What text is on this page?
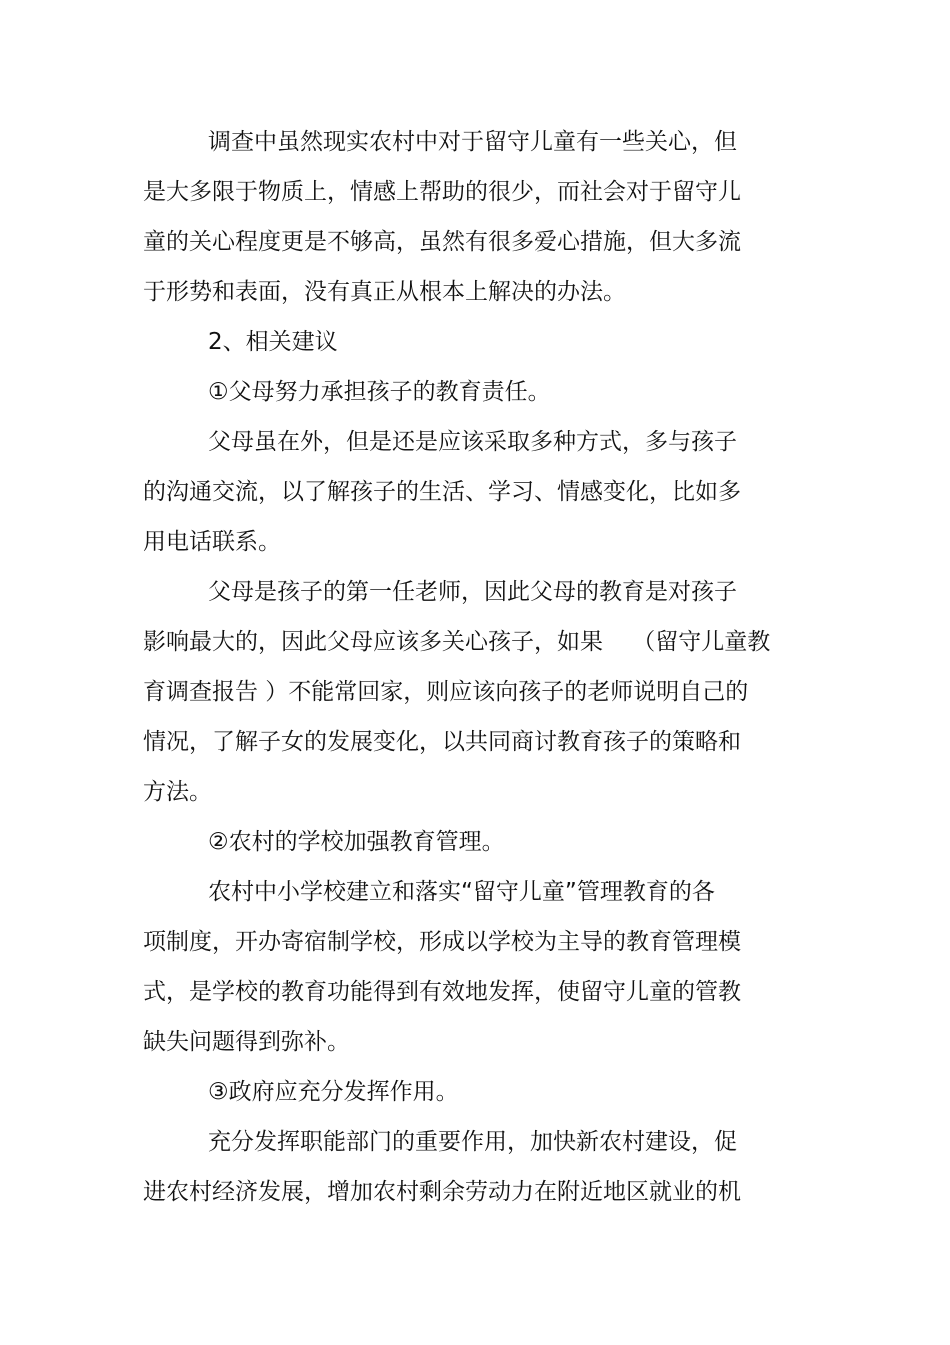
调查中虽然现实农村中对于留守儿童有一些关心，但
是大多限于物质上，情感上帮助的很少，而社会对于留守儿
童的关心程度更是不够高，虽然有很多爱心措施，但大多流
于形势和表面，没有真正从根本上解决的办法。
2、相关建议
①父母努力承担孩子的教育责任。
父母虽在外，但是还是应该采取多种方式，多与孩子
的沟通交流，以了解孩子的生活、学习、情感变化，比如多
用电话联系。
父母是孩子的第一任老师，因此父母的教育是对孩子
影响最大的，因此父母应该多关心孩子，如果    （留守儿童教
育调查报告 ）不能常回家，则应该向孩子的老师说明自己的
情况，了解子女的发展变化，以共同商讨教育孩子的策略和
方法。
②农村的学校加强教育管理。
农村中小学校建立和落实“留守儿童”管理教育的各
项制度，开办寄宿制学校，形成以学校为主导的教育管理模
式，是学校的教育功能得到有效地发挥，使留守儿童的管教
缺失问题得到弥补。
③政府应充分发挥作用。
充分发挥职能部门的重要作用，加快新农村建设，促
进农村经济发展，增加农村剩余劳动力在附近地区就业的机
